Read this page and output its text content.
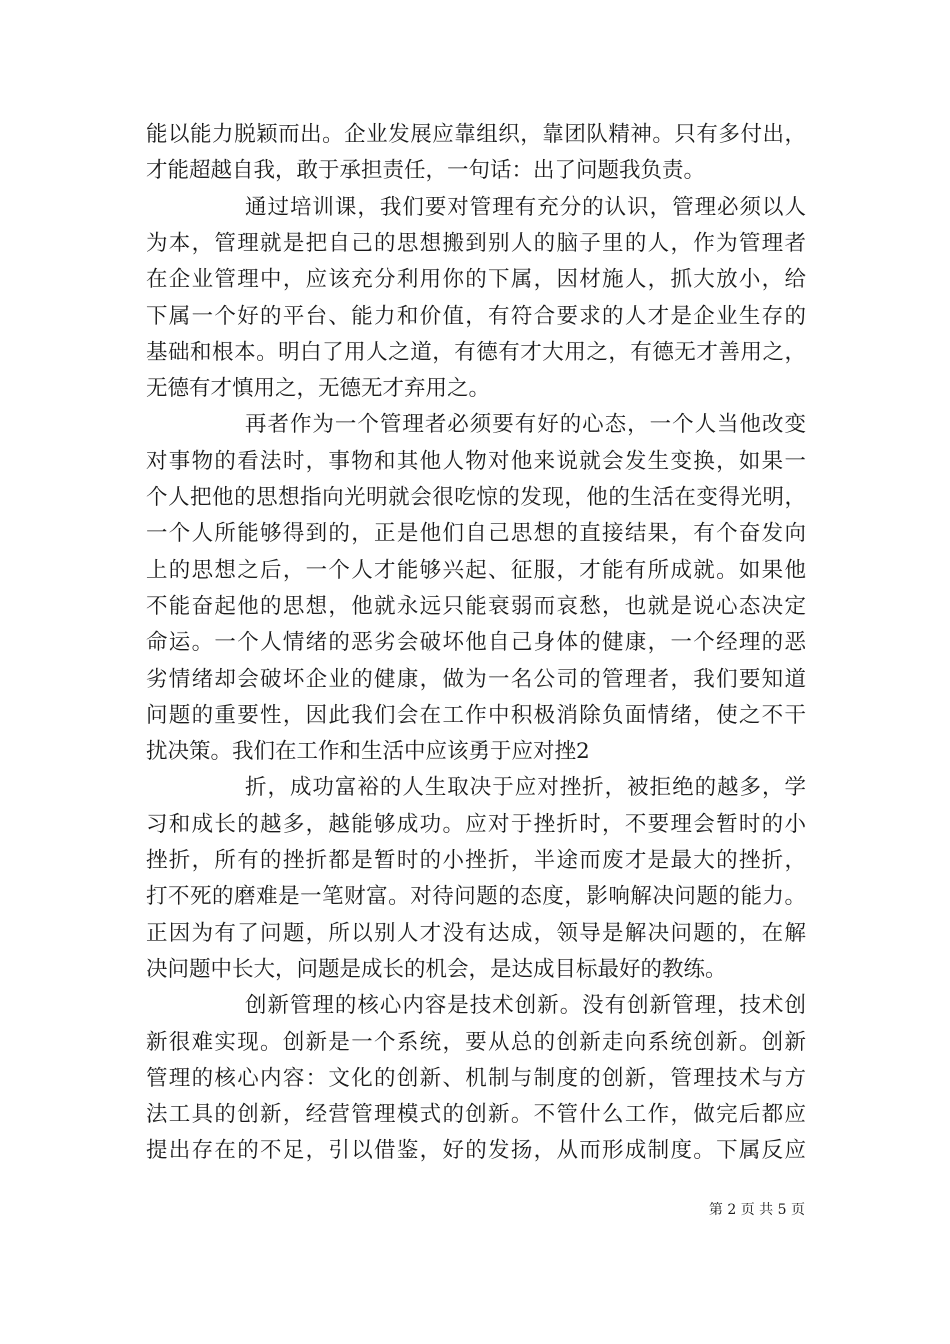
能以能力脱颖而出。企业发展应靠组织，靠团队精神。只有多付出，
才能超越自我，敢于承担责任，一句话：出了问题我负责。
通过培训课，我们要对管理有充分的认识，管理必须以人
为本，管理就是把自己的思想搬到别人的脑子里的人，作为管理者
在企业管理中，应该充分利用你的下属，因材施人，抓大放小，给
下属一个好的平台、能力和价值，有符合要求的人才是企业生存的
基础和根本。明白了用人之道，有德有才大用之，有德无才善用之，
无德有才慎用之，无德无才弃用之。
再者作为一个管理者必须要有好的心态，一个人当他改变
对事物的看法时，事物和其他人物对他来说就会发生变换，如果一
个人把他的思想指向光明就会很吃惊的发现，他的生活在变得光明，
一个人所能够得到的，正是他们自己思想的直接结果，有个奋发向
上的思想之后，一个人才能够兴起、征服，才能有所成就。如果他
不能奋起他的思想，他就永远只能衰弱而哀愁，也就是说心态决定
命运。一个人情绪的恶劣会破坏他自己身体的健康，一个经理的恶
劣情绪却会破坏企业的健康，做为一名公司的管理者，我们要知道
问题的重要性，因此我们会在工作中积极消除负面情绪，使之不干
扰决策。我们在工作和生活中应该勇于应对挫2
折，成功富裕的人生取决于应对挫折，被拒绝的越多，学
习和成长的越多，越能够成功。应对于挫折时，不要理会暂时的小
挫折，所有的挫折都是暂时的小挫折，半途而废才是最大的挫折，
打不死的磨难是一笔财富。对待问题的态度，影响解决问题的能力。
正因为有了问题，所以别人才没有达成，领导是解决问题的，在解
决问题中长大，问题是成长的机会，是达成目标最好的教练。
创新管理的核心内容是技术创新。没有创新管理，技术创
新很难实现。创新是一个系统，要从总的创新走向系统创新。创新
管理的核心内容：文化的创新、机制与制度的创新，管理技术与方
法工具的创新，经营管理模式的创新。不管什么工作，做完后都应
提出存在的不足，引以借鉴，好的发扬，从而形成制度。下属反应
第 2 页 共 5 页
